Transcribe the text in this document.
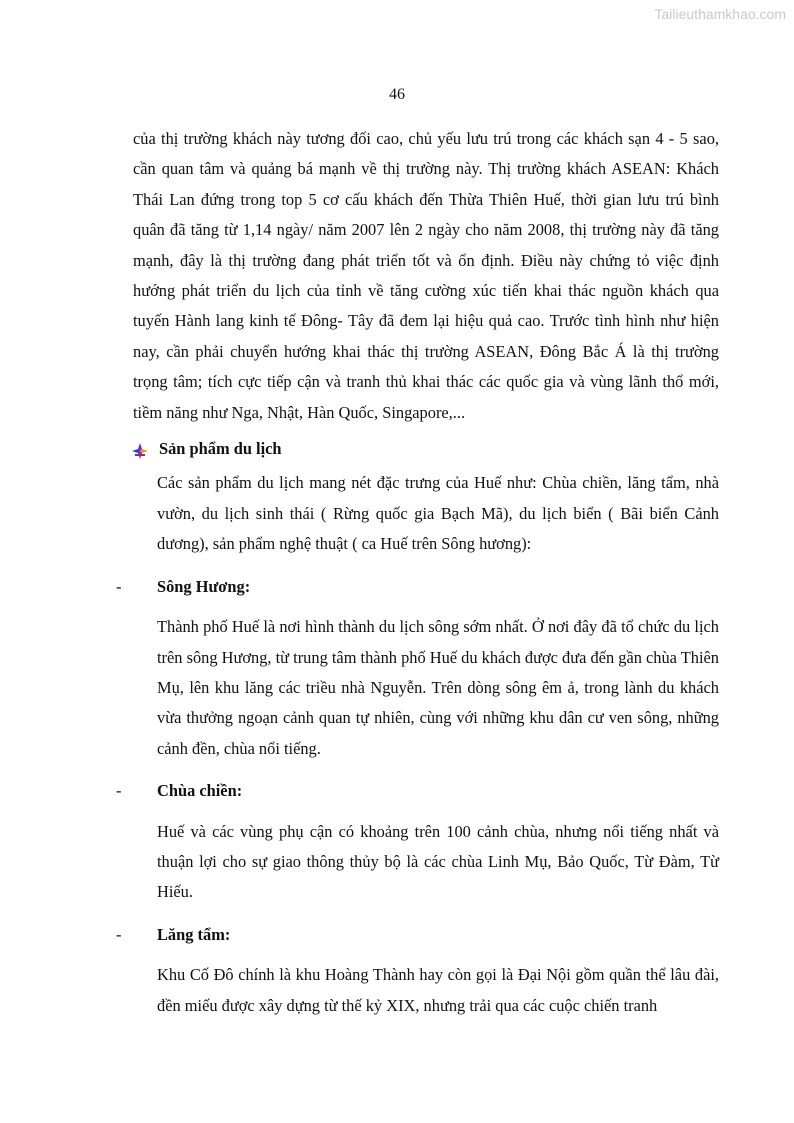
Tailieuthamkhao.com
46

của thị trường khách này tương đối cao, chủ yếu lưu trú trong các khách sạn 4 - 5 sao, cần quan tâm và quảng bá mạnh về thị trường này. Thị trường khách ASEAN: Khách Thái Lan đứng trong top 5 cơ cấu khách đến Thừa Thiên Huế, thời gian lưu trú bình quân đã tăng từ 1,14 ngày/ năm 2007 lên 2 ngày cho năm 2008, thị trường này đã tăng mạnh, đây là thị trường đang phát triển tốt và ổn định. Điều này chứng tỏ việc định hướng phát triển du lịch của tỉnh về tăng cường xúc tiến khai thác nguồn khách qua tuyến Hành lang kinh tế Đông- Tây đã đem lại hiệu quả cao. Trước tình hình như hiện nay, cần phải chuyển hướng khai thác thị trường ASEAN, Đông Bắc Á là thị trường trọng tâm; tích cực tiếp cận và tranh thủ khai thác các quốc gia và vùng lãnh thổ mới, tiềm năng như Nga, Nhật, Hàn Quốc, Singapore,...

Sản phẩm du lịch

Các sản phẩm du lịch mang nét đặc trưng của Huế như: Chùa chiền, lăng tẩm, nhà vườn, du lịch sinh thái ( Rừng quốc gia Bạch Mã), du lịch biển ( Bãi biển Cảnh dương), sản phẩm nghệ thuật ( ca Huế trên Sông hương):

-	Sông Hương:

Thành phố Huế là nơi hình thành du lịch sông sớm nhất. Ở nơi đây đã tổ chức du lịch trên sông Hương, từ trung tâm thành phố Huế du khách được đưa đến gần chùa Thiên Mụ, lên khu lăng các triều nhà Nguyễn. Trên dòng sông êm ả, trong lành du khách vừa thưởng ngoạn cảnh quan tự nhiên, cùng với những khu dân cư ven sông, những cảnh đền, chùa nổi tiếng.

-	Chùa chiền:

Huế và các vùng phụ cận có khoảng trên 100 cảnh chùa, nhưng nổi tiếng nhất và thuận lợi cho sự giao thông thủy bộ là các chùa Linh Mụ, Bảo Quốc, Từ Đàm, Từ Hiếu.

-	Lăng tẩm:

Khu Cố Đô chính là khu Hoàng Thành hay còn gọi là Đại Nội gồm quần thể lâu đài, đền miếu được xây dựng từ thế kỷ XIX, nhưng trải qua các cuộc chiến tranh
